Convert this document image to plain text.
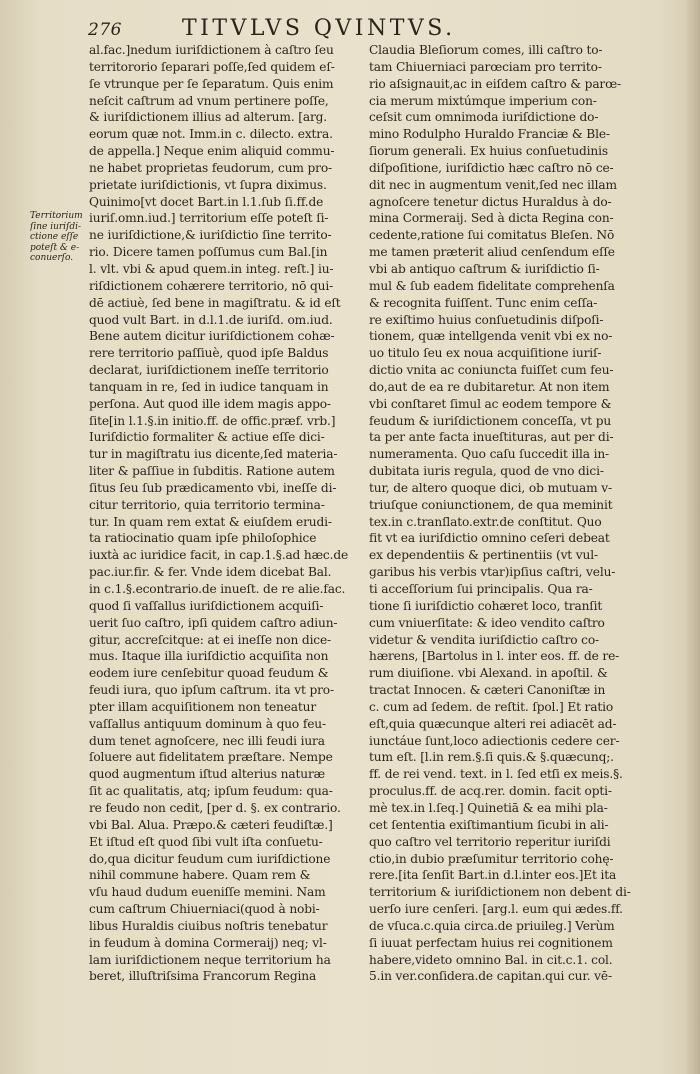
276	TITVLVS QVINTVS.
Territorium
ſine iuriſdi-
ctione eſſe
poteſt & e-
conuerſo.
al.fac.]nedum iuriſdictionem à caſtro ſeu
territororio ſeparari poſſe,ſed quidem eſ-
ſe vtrunque per ſe ſeparatum. Quis enim
neſcit caſtrum ad vnum pertinere poſſe,
& iuriſdictionem illius ad alterum. [arg.
eorum quæ not. Imm.in c. dilecto. extra.
de appella.] Neque enim aliquid commu-
ne habet proprietas feudorum, cum pro-
prietate iuriſdictionis, vt ſupra diximus.
Quinimo[vt docet Bart.in l.1.ſub ſi.ff.de
iuriſ.omn.iud.] territorium eſſe poteſt ſi-
ne iuriſdictione,& iuriſdictio ſine territo-
rio. Dicere tamen poſſumus cum Bal.[in
l. vlt. vbi & apud quem.in integ. reſt.] iu-
riſdictionem cohærere territorio, nō qui-
dē actiuè, ſed bene in magiſtratu. & id eſt
quod vult Bart. in d.l.1.de iuriſd. om.iud.
Bene autem dicitur iuriſdictionem cohæ-
rere territorio paſſiuè, quod ipſe Baldus
declarat, iuriſdictionem ineſſe territorio
tanquam in re, ſed in iudice tanquam in
perſona. Aut quod ille idem magis appo-
ſite[in l.1.§.in initio.ff. de offic.præf. vrb.]
Iuriſdictio formaliter & actiue eſſe dici-
tur in magiſtratu ius dicente,ſed materia-
liter & paſſiue in ſubditis. Ratione autem
ſitus ſeu ſub prædicamento vbi, ineſſe di-
citur territorio, quia territorio termina-
tur. In quam rem extat & eiuſdem erudi-
ta ratiocinatio quam ipſe philoſophice
iuxtà ac iuridice facit, in cap.1.§.ad hæc.de
pac.iur.fir. & fer. Vnde idem dicebat Bal.
in c.1.§.econtrario.de inueſt. de re alie.fac.
quod ſi vaſſallus iuriſdictionem acquiſi-
uerit ſuo caſtro, ipſi quidem caſtro adiun-
gitur, accreſcitque: at ei ineſſe non dice-
mus. Itaque illa iuriſdictio acquiſita non
eodem iure cenſebitur quoad feudum &
feudi iura, quo ipſum caſtrum. ita vt pro-
pter illam acquiſitionem non teneatur
vaſſallus antiquum dominum à quo feu-
dum tenet agnoſcere, nec illi feudi iura
ſoluere aut fidelitatem præſtare. Nempe
quod augmentum iſtud alterius naturæ
ſit ac qualitatis, atq; ipſum feudum: qua-
re feudo non cedit, [per d. §. ex contrario.
vbi Bal. Alua. Præpo.& cæteri feudiſtæ.]
Et iſtud eſt quod ſibi vult iſta conſuetu-
do,qua dicitur feudum cum iuriſdictione
nihil commune habere. Quam rem &
vſu haud dudum eueniſſe memini. Nam
cum caſtrum Chiuerniaci(quod à nobi-
libus Huraldis ciuibus noſtris tenebatur
in feudum à domina Cormeraij) neq; vl-
lam iuriſdictionem neque territorium ha
beret, illuſtriſsima Francorum Regina
Claudia Bleſiorum comes, illi caſtro to-
tam Chiuerniaci parœciam pro territo-
rio aſsignauit,ac in eiſdem caſtro & parœ-
cia merum mixtúmque imperium con-
ceſsit cum omnimoda iuriſdictione do-
mino Rodulpho Huraldo Franciæ & Ble-
ſiorum generali. Ex huius conſuetudinis
diſpoſitione, iuriſdictio hæc caſtro nō ce-
dit nec in augmentum venit,ſed nec illam
agnoſcere tenetur dictus Huraldus à do-
mina Cormeraij. Sed à dicta Regina con-
cedente,ratione ſui comitatus Bleſen. Nō
me tamen præterit aliud cenſendum eſſe
vbi ab antiquo caſtrum & iuriſdictio ſi-
mul & ſub eadem fidelitate comprehenſa
& recognita fuiſſent. Tunc enim ceſſa-
re exiſtimo huius conſuetudinis diſpoſi-
tionem, quæ intellgenda venit vbi ex no-
uo titulo ſeu ex noua acquiſitione iuriſ-
dictio vnita ac coniuncta fuiſſet cum feu-
do,aut de ea re dubitaretur. At non item
vbi conſtaret ſimul ac eodem tempore &
feudum & iuriſdictionem conceſſa, vt pu
ta per ante facta inueſtituras, aut per di-
numeramenta. Quo caſu ſuccedit illa in-
dubitata iuris regula, quod de vno dici-
tur, de altero quoque dici, ob mutuam v-
triuſque coniunctionem, de qua meminit
tex.in c.tranſlato.extr.de conſtitut. Quo
fit vt ea iuriſdictio omnino ceſeri debeat
ex dependentiis & pertinentiis (vt vul-
garibus his verbis vtar)ipſius caſtri, velu-
ti acceſſorium ſui principalis. Qua ra-
tione ſi iuriſdictio cohæret loco, tranſit
cum vniuerſitate: & ideo vendito caſtro
videtur & vendita iuriſdictio caſtro co-
hærens, [Bartolus in l. inter eos. ff. de re-
rum diuiſione. vbi Alexand. in apoſtil. &
tractat Innocen. & cæteri Canoniſtæ in
c. cum ad ſedem. de reſtit. ſpol.] Et ratio
eſt,quia quæcunque alteri rei adiacēt ad-
iunctáue ſunt,loco adiectionis cedere cer-
tum eſt. [l.in rem.§.ſi quis.& §.quæcunq;.
ff. de rei vend. text. in l. ſed etſi ex meis.§.
proculus.ff. de acq.rer. domin. facit opti-
mè tex.in l.ſeq.] Quinetiā & ea mihi pla-
cet ſententia exiſtimantium ſicubi in ali-
quo caſtro vel territorio reperitur iuriſdi
ctio,in dubio præſumitur territorio cohę-
rere.[ita ſenſit Bart.in d.l.inter eos.]Et ita
territorium & iuriſdictionem non debent di-
uerſo iure cenſeri. [arg.l. eum qui ædes.ff.
de vſuca.c.quia circa.de priuileg.] Verùm
ſi iuuat perfectam huius rei cognitionem
habere,videto omnino Bal. in cit.c.1. col.
5.in ver.conſidera.de capitan.qui cur. vē-
